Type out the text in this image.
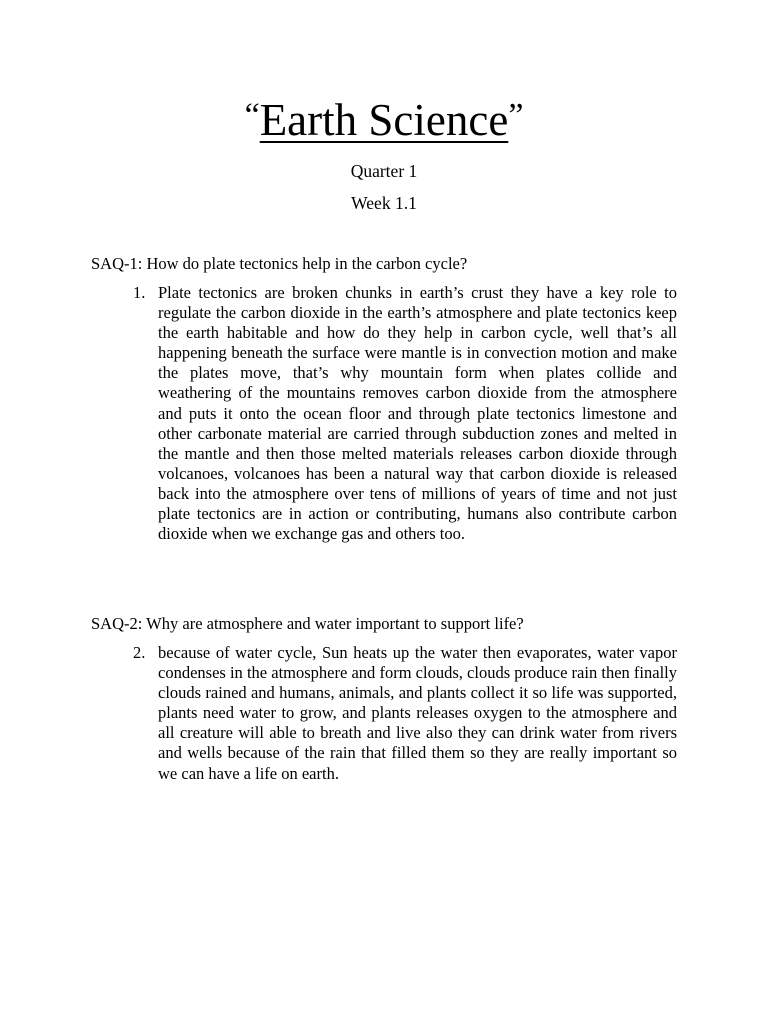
“Earth Science”
Quarter 1
Week 1.1
SAQ-1: How do plate tectonics help in the carbon cycle?
1. Plate tectonics are broken chunks in earth’s crust they have a key role to regulate the carbon dioxide in the earth’s atmosphere and plate tectonics keep the earth habitable and how do they help in carbon cycle, well that’s all happening beneath the surface were mantle is in convection motion and make the plates move, that’s why mountain form when plates collide and weathering of the mountains removes carbon dioxide from the atmosphere and puts it onto the ocean floor and through plate tectonics limestone and other carbonate material are carried through subduction zones and melted in the mantle and then those melted materials releases carbon dioxide through volcanoes, volcanoes has been a natural way that carbon dioxide is released back into the atmosphere over tens of millions of years of time and not just plate tectonics are in action or contributing, humans also contribute carbon dioxide when we exchange gas and others too.

SAQ-2: Why are atmosphere and water important to support life?
2. because of water cycle, Sun heats up the water then evaporates, water vapor condenses in the atmosphere and form clouds, clouds produce rain then finally clouds rained and humans, animals, and plants collect it so life was supported, plants need water to grow, and plants releases oxygen to the atmosphere and all creature will able to breath and live also they can drink water from rivers and wells because of the rain that filled them so they are really important so we can have a life on earth.
